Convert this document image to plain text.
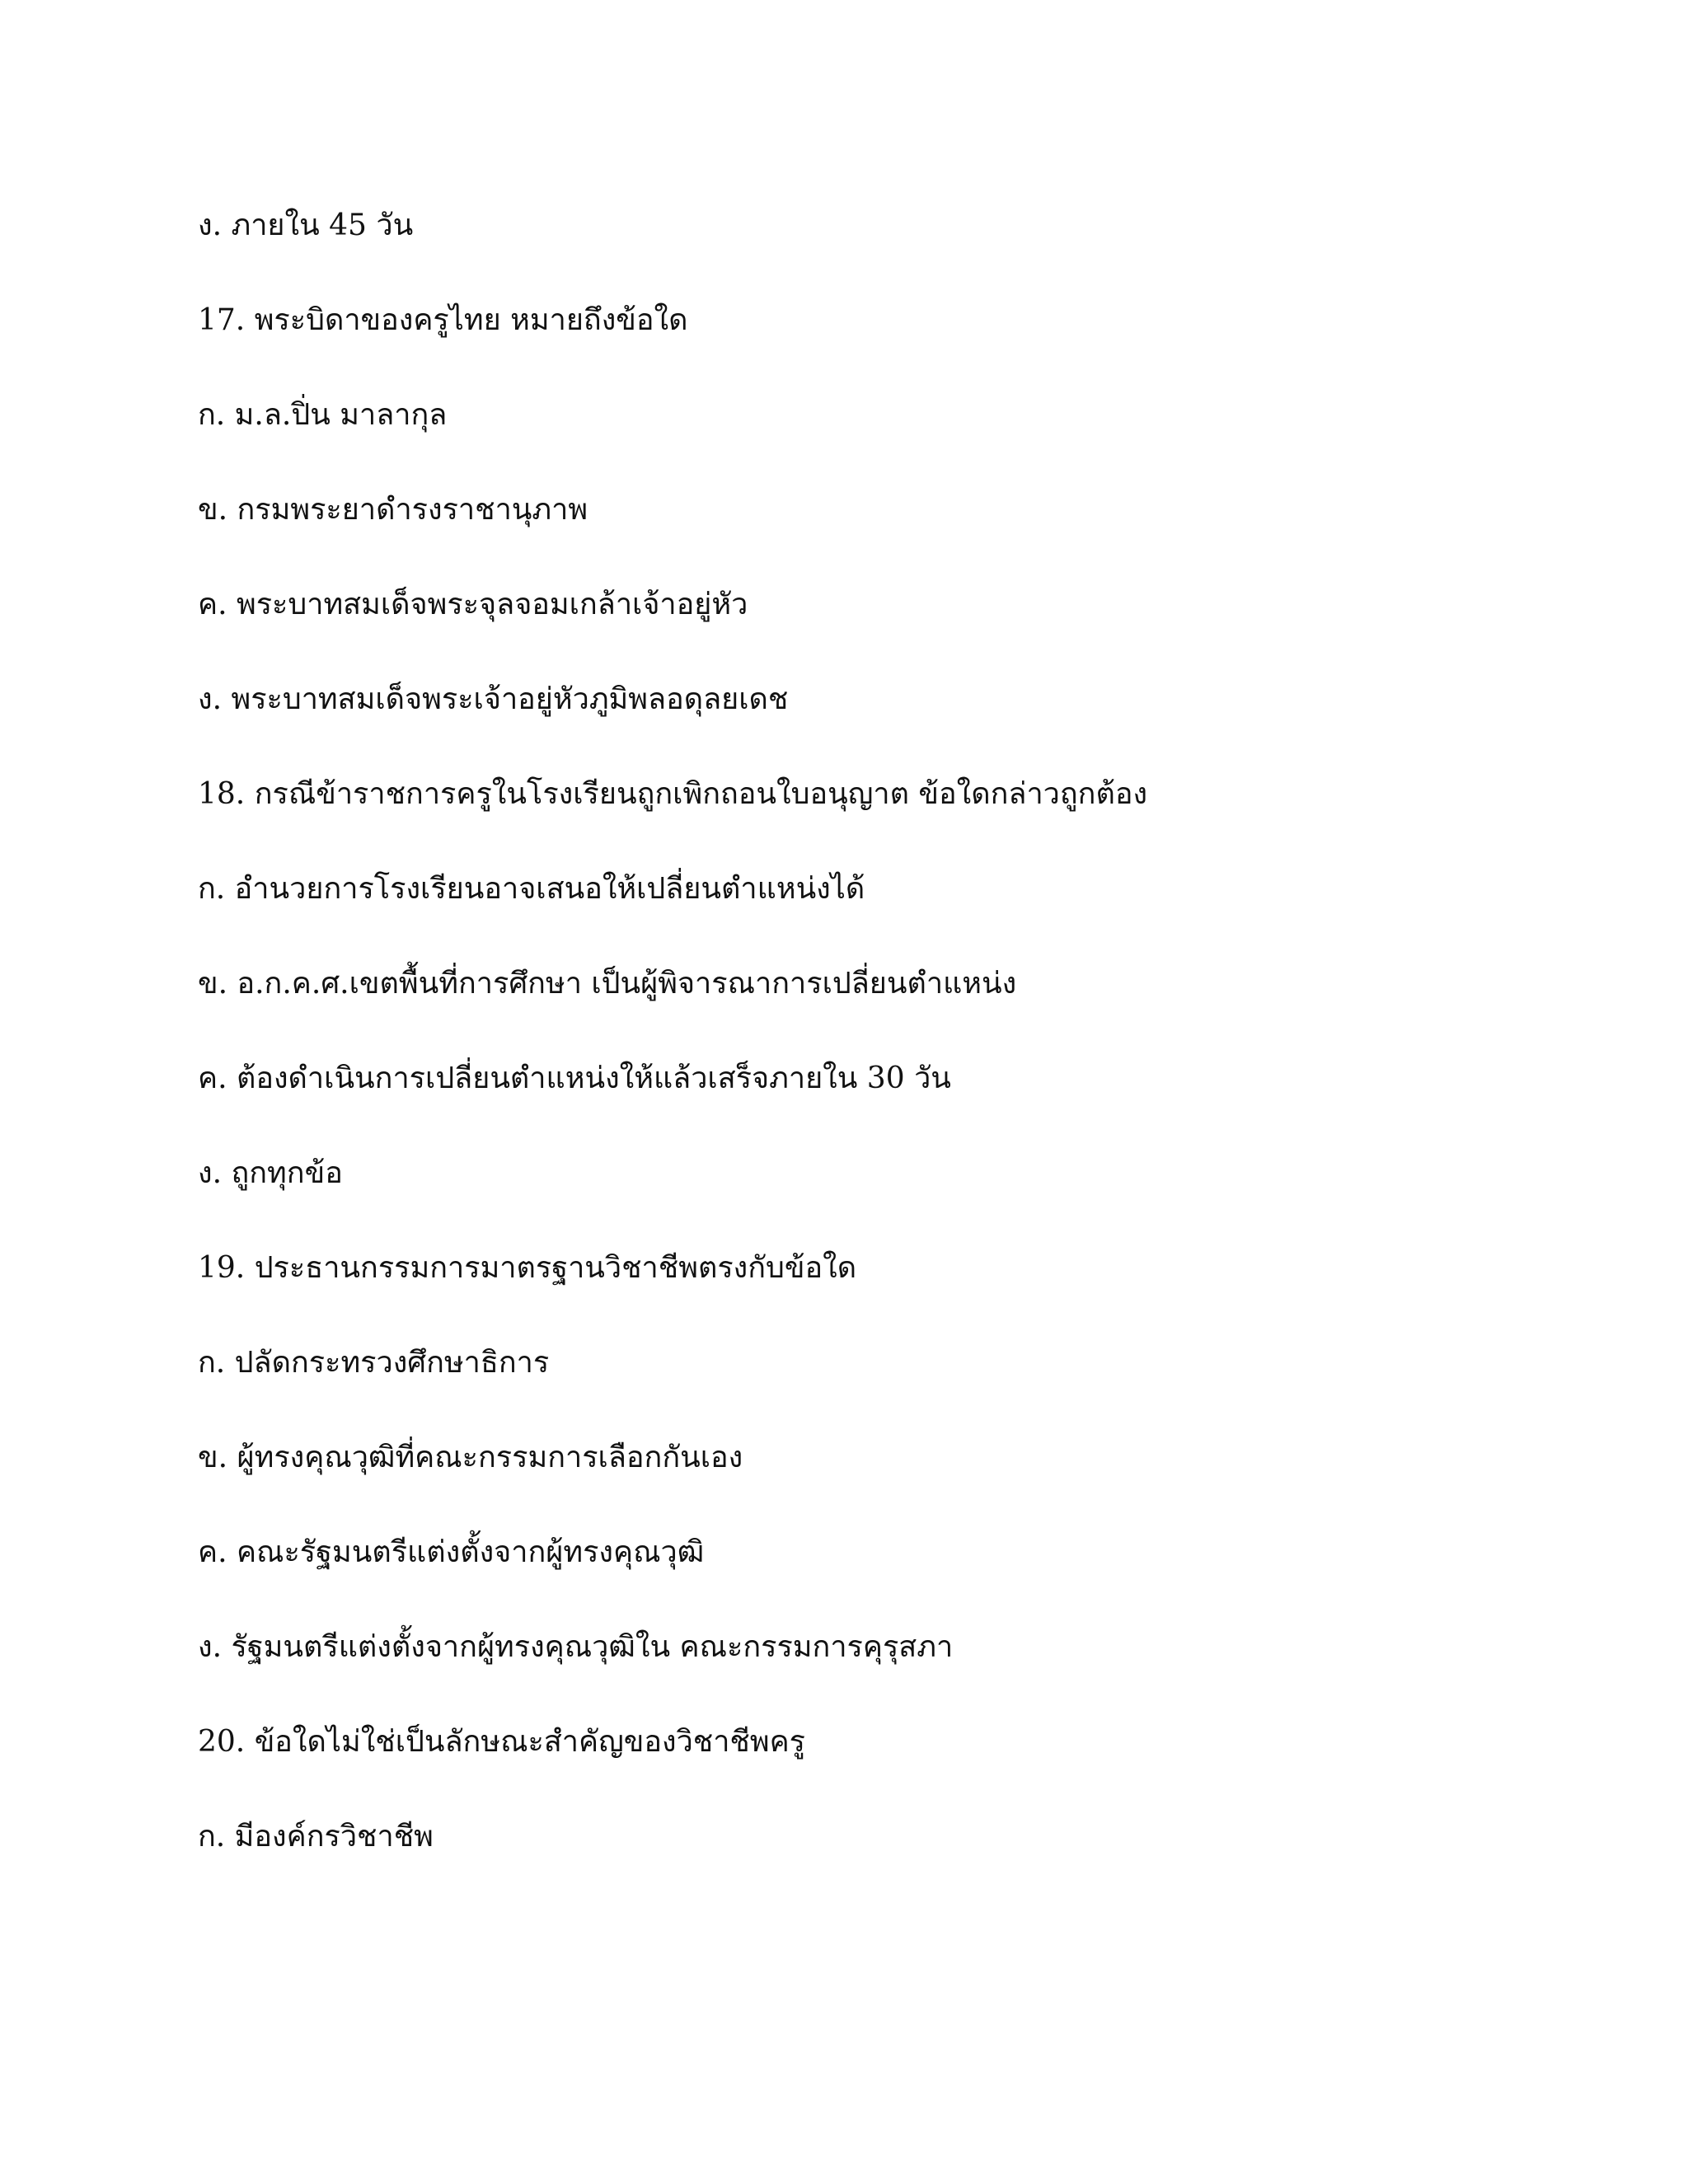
ง. ภายใน 45 วัน

17. พระบิดาของครูไทย หมายถึงข้อใด

ก. ม.ล.ปิ่น มาลากุล

ข. กรมพระยาดำรงราชานุภาพ

ค. พระบาทสมเด็จพระจุลจอมเกล้าเจ้าอยู่หัว

ง. พระบาทสมเด็จพระเจ้าอยู่หัวภูมิพลอดุลยเดช

18. กรณีข้าราชการครูในโรงเรียนถูกเพิกถอนใบอนุญาต ข้อใดกล่าวถูกต้อง

ก. อำนวยการโรงเรียนอาจเสนอให้เปลี่ยนตำแหน่งได้

ข. อ.ก.ค.ศ.เขตพื้นที่การศึกษา เป็นผู้พิจารณาการเปลี่ยนตำแหน่ง

ค. ต้องดำเนินการเปลี่ยนตำแหน่งให้แล้วเสร็จภายใน 30 วัน

ง. ถูกทุกข้อ

19. ประธานกรรมการมาตรฐานวิชาชีพตรงกับข้อใด

ก. ปลัดกระทรวงศึกษาธิการ

ข. ผู้ทรงคุณวุฒิที่คณะกรรมการเลือกกันเอง

ค. คณะรัฐมนตรีแต่งตั้งจากผู้ทรงคุณวุฒิ

ง. รัฐมนตรีแต่งตั้งจากผู้ทรงคุณวุฒิใน คณะกรรมการคุรุสภา

20. ข้อใดไม่ใช่เป็นลักษณะสำคัญของวิชาชีพครู

ก. มีองค์กรวิชาชีพ
